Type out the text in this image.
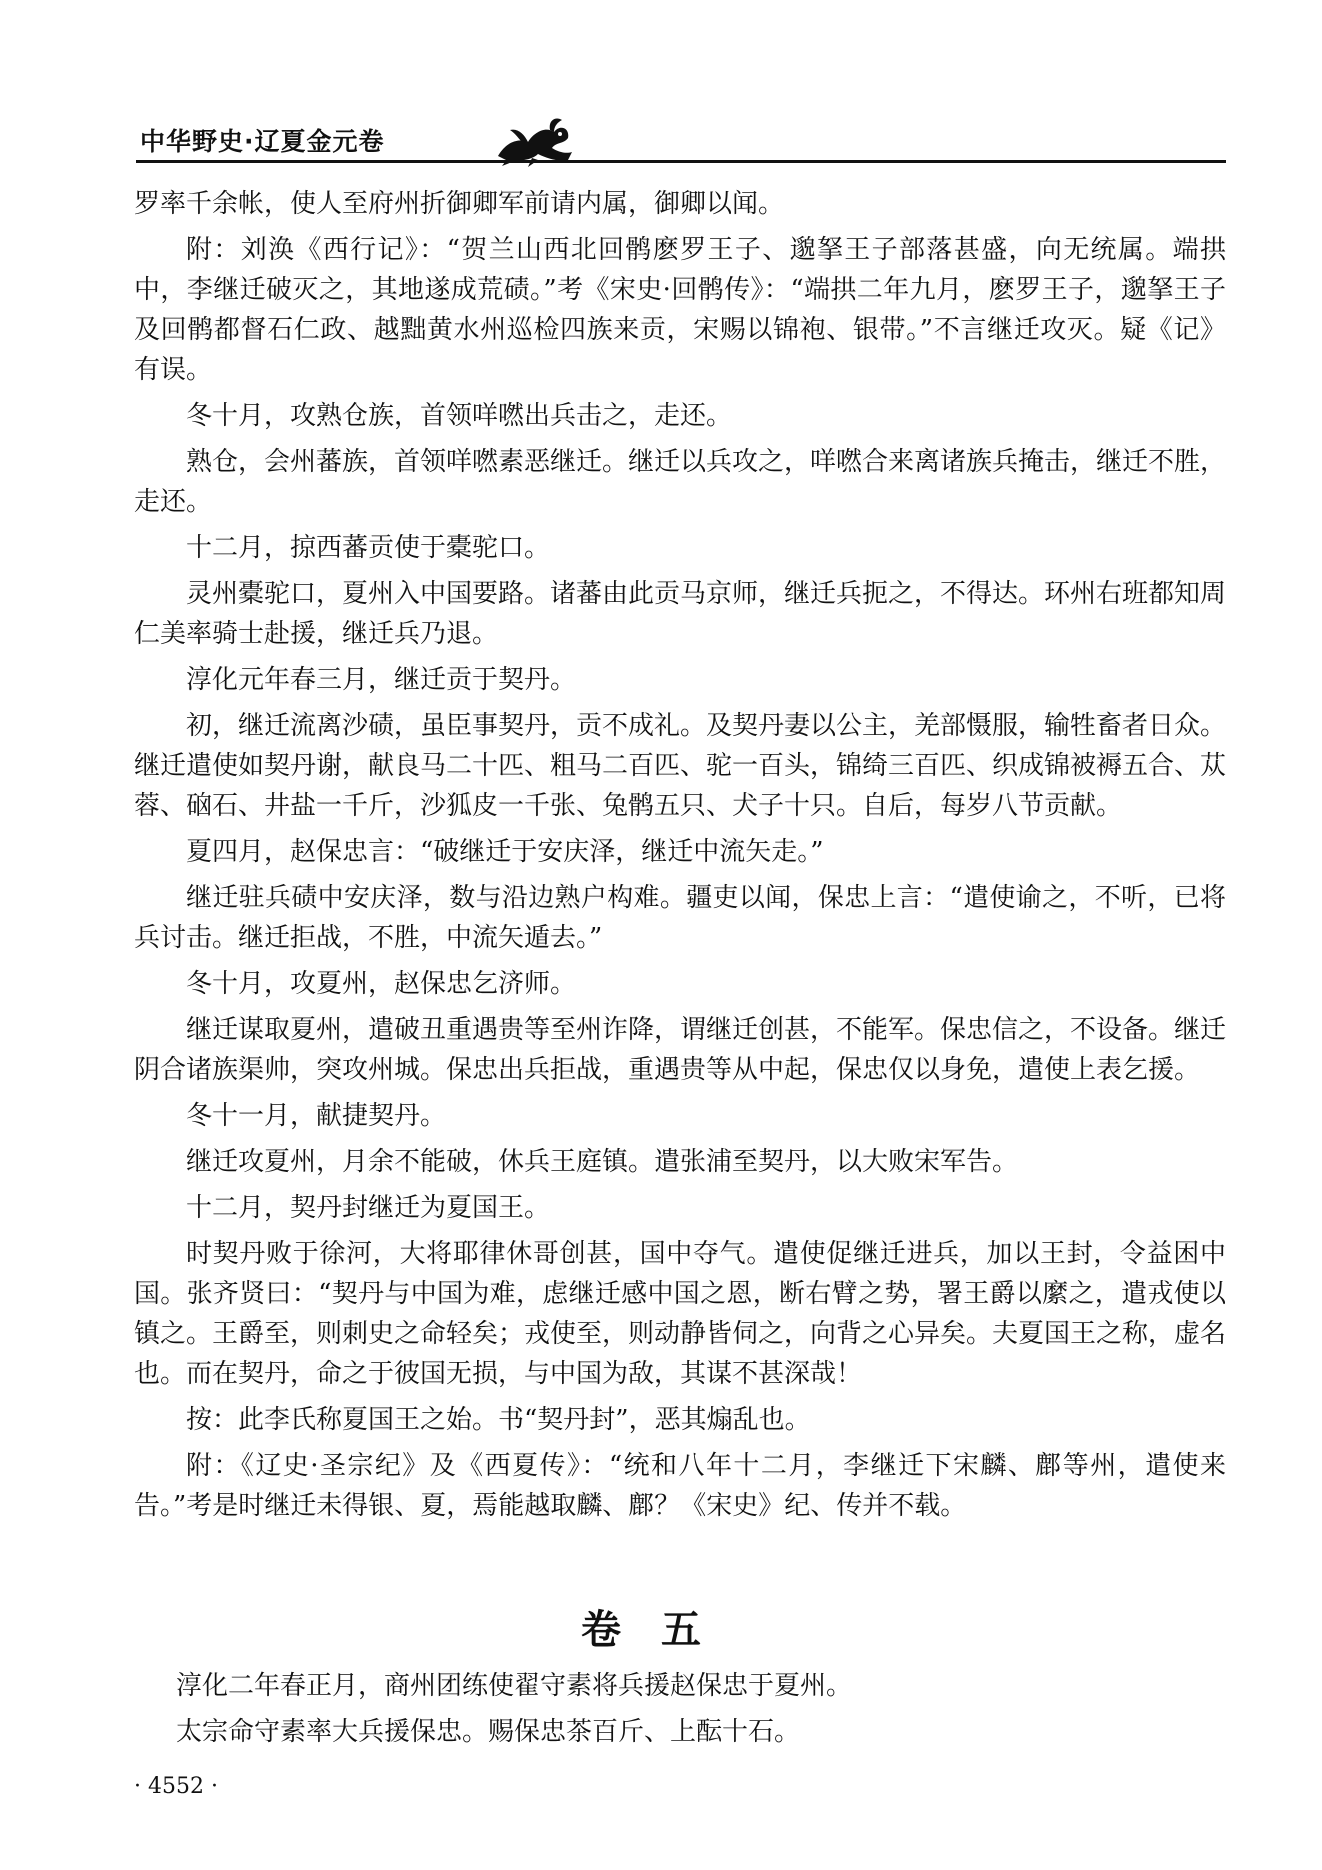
中华野史·辽夏金元卷

罗率千余帐，使人至府州折御卿军前请内属，御卿以闻。

附：刘涣《西行记》：“贺兰山西北回鹘麽罗王子、邈拏王子部落甚盛，向无统属。端拱中，李继迁破灭之，其地遂成荒碛。”考《宋史·回鹘传》：“端拱二年九月，麽罗王子，邈拏王子及回鹘都督石仁政、越黜黄水州巡检四族来贡，宋赐以锦袍、银带。”不言继迁攻灭。疑《记》有误。

冬十月，攻熟仓族，首领咩嘫出兵击之，走还。

熟仓，会州蕃族，首领咩嘫素恶继迁。继迁以兵攻之，咩嘫合来离诸族兵掩击，继迁不胜，走还。

十二月，掠西蕃贡使于橐驼口。

灵州橐驼口，夏州入中国要路。诸蕃由此贡马京师，继迁兵扼之，不得达。环州右班都知周仁美率骑士赴援，继迁兵乃退。

淳化元年春三月，继迁贡于契丹。

初，继迁流离沙碛，虽臣事契丹，贡不成礼。及契丹妻以公主，羌部慑服，输牲畜者日众。继迁遣使如契丹谢，献良马二十匹、粗马二百匹、驼一百头，锦绮三百匹、织成锦被褥五合、苁蓉、硇石、井盐一千斤，沙狐皮一千张、兔鹘五只、犬子十只。自后，每岁八节贡献。

夏四月，赵保忠言：“破继迁于安庆泽，继迁中流矢走。”

继迁驻兵碛中安庆泽，数与沿边熟户构难。疆吏以闻，保忠上言：“遣使谕之，不听，已将兵讨击。继迁拒战，不胜，中流矢遁去。”

冬十月，攻夏州，赵保忠乞济师。

继迁谋取夏州，遣破丑重遇贵等至州诈降，谓继迁创甚，不能军。保忠信之，不设备。继迁阴合诸族渠帅，突攻州城。保忠出兵拒战，重遇贵等从中起，保忠仅以身免，遣使上表乞援。

冬十一月，献捷契丹。

继迁攻夏州，月余不能破，休兵王庭镇。遣张浦至契丹，以大败宋军告。

十二月，契丹封继迁为夏国王。

时契丹败于徐河，大将耶律休哥创甚，国中夺气。遣使促继迁进兵，加以王封，令益困中国。张齐贤曰：“契丹与中国为难，虑继迁感中国之恩，断右臂之势，署王爵以縻之，遣戎使以镇之。王爵至，则刺史之命轻矣；戎使至，则动静皆伺之，向背之心异矣。夫夏国王之称，虚名也。而在契丹，命之于彼国无损，与中国为敌，其谋不甚深哉！

按：此李氏称夏国王之始。书“契丹封”，恶其煽乱也。

附：《辽史·圣宗纪》及《西夏传》：“统和八年十二月，李继迁下宋麟、鄜等州，遣使来告。”考是时继迁未得银、夏，焉能越取麟、鄜？《宋史》纪、传并不载。

卷五

淳化二年春正月，商州团练使翟守素将兵援赵保忠于夏州。

太宗命守素率大兵援保忠。赐保忠茶百斤、上酝十石。

· 4552 ·
